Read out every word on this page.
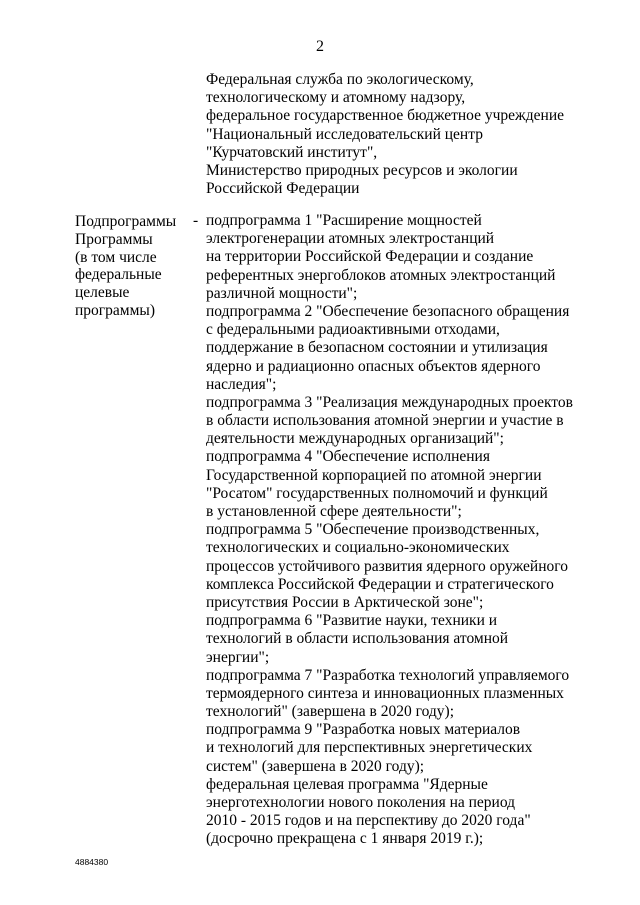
2
Федеральная служба по экологическому,
технологическому и атомному надзору,
федеральное государственное бюджетное учреждение
"Национальный исследовательский центр
"Курчатовский институт",
Министерство природных ресурсов и экологии
Российской Федерации
Подпрограммы
Программы
(в том числе
федеральные
целевые
программы)
- подпрограмма 1 "Расширение мощностей
электрогенерации атомных электростанций
на территории Российской Федерации и создание
референтных энергоблоков атомных электростанций
различной мощности";
подпрограмма 2 "Обеспечение безопасного обращения
с федеральными радиоактивными отходами,
поддержание в безопасном состоянии и утилизация
ядерно и радиационно опасных объектов ядерного
наследия";
подпрограмма 3 "Реализация международных проектов
в области использования атомной энергии и участие в
деятельности международных организаций";
подпрограмма 4 "Обеспечение исполнения
Государственной корпорацией по атомной энергии
"Росатом" государственных полномочий и функций
в установленной сфере деятельности";
подпрограмма 5 "Обеспечение производственных,
технологических и социально-экономических
процессов устойчивого развития ядерного оружейного
комплекса Российской Федерации и стратегического
присутствия России в Арктической зоне";
подпрограмма 6 "Развитие науки, техники и
технологий в области использования атомной
энергии";
подпрограмма 7 "Разработка технологий управляемого
термоядерного синтеза и инновационных плазменных
технологий" (завершена в 2020 году);
подпрограмма 9 "Разработка новых материалов
и технологий для перспективных энергетических
систем" (завершена в 2020 году);
федеральная целевая программа "Ядерные
энерготехнологии нового поколения на период
2010 - 2015 годов и на перспективу до 2020 года"
(досрочно прекращена с 1 января 2019 г.);
4884380
